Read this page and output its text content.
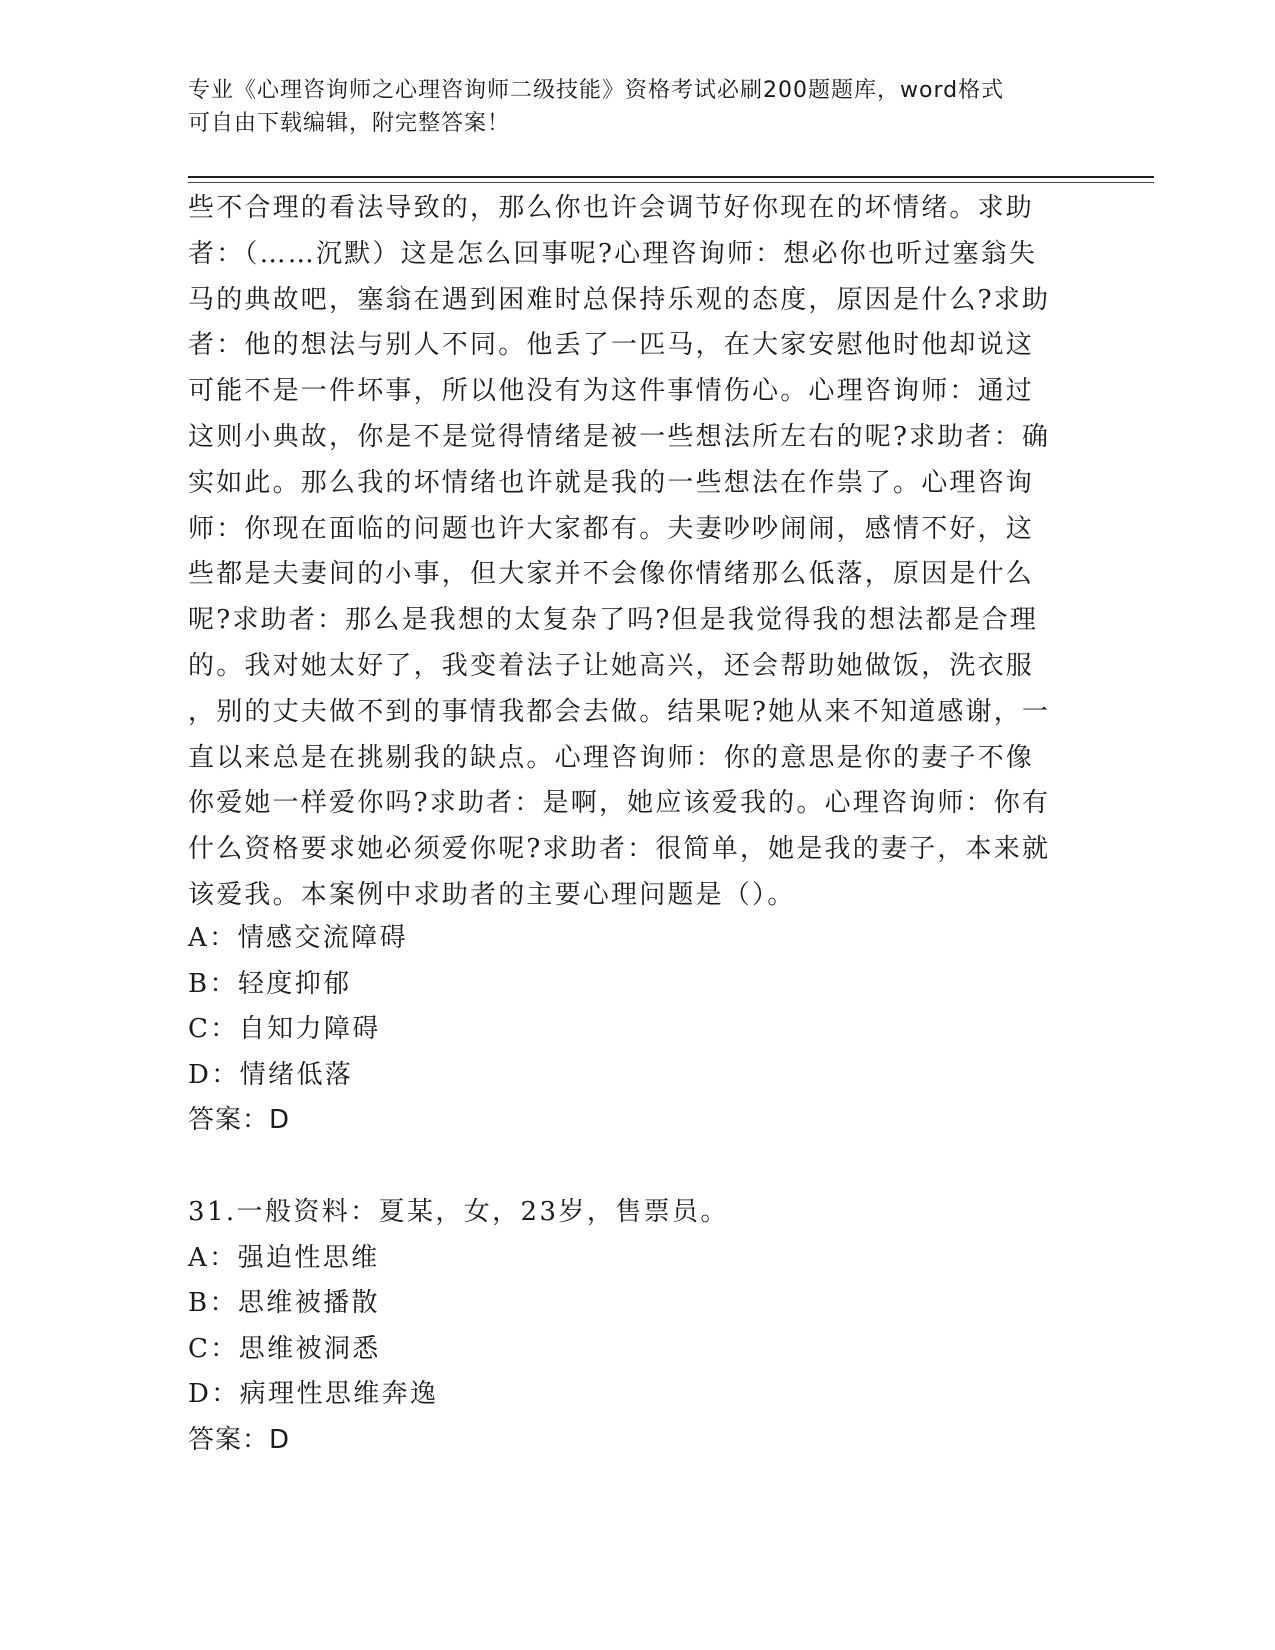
专业《心理咨询师之心理咨询师二级技能》资格考试必刷200题题库，word格式
可自由下载编辑，附完整答案！
些不合理的看法导致的，那么你也许会调节好你现在的坏情绪。求助
者：（……沉默）这是怎么回事呢?心理咨询师：想必你也听过塞翁失
马的典故吧，塞翁在遇到困难时总保持乐观的态度，原因是什么?求助
者：他的想法与别人不同。他丢了一匹马，在大家安慰他时他却说这
可能不是一件坏事，所以他没有为这件事情伤心。心理咨询师：通过
这则小典故，你是不是觉得情绪是被一些想法所左右的呢?求助者：确
实如此。那么我的坏情绪也许就是我的一些想法在作祟了。心理咨询
师：你现在面临的问题也许大家都有。夫妻吵吵闹闹，感情不好，这
些都是夫妻间的小事，但大家并不会像你情绪那么低落，原因是什么
呢?求助者：那么是我想的太复杂了吗?但是我觉得我的想法都是合理
的。我对她太好了，我变着法子让她高兴，还会帮助她做饭，洗衣服
，别的丈夫做不到的事情我都会去做。结果呢?她从来不知道感谢，一
直以来总是在挑剔我的缺点。心理咨询师：你的意思是你的妻子不像
你爱她一样爱你吗?求助者：是啊，她应该爱我的。心理咨询师：你有
什么资格要求她必须爱你呢?求助者：很简单，她是我的妻子，本来就
该爱我。本案例中求助者的主要心理问题是（）。
A：情感交流障碍
B：轻度抑郁
C：自知力障碍
D：情绪低落
答案：D
31.一般资料：夏某，女，23岁，售票员。
A：强迫性思维
B：思维被播散
C：思维被洞悉
D：病理性思维奔逸
答案：D
